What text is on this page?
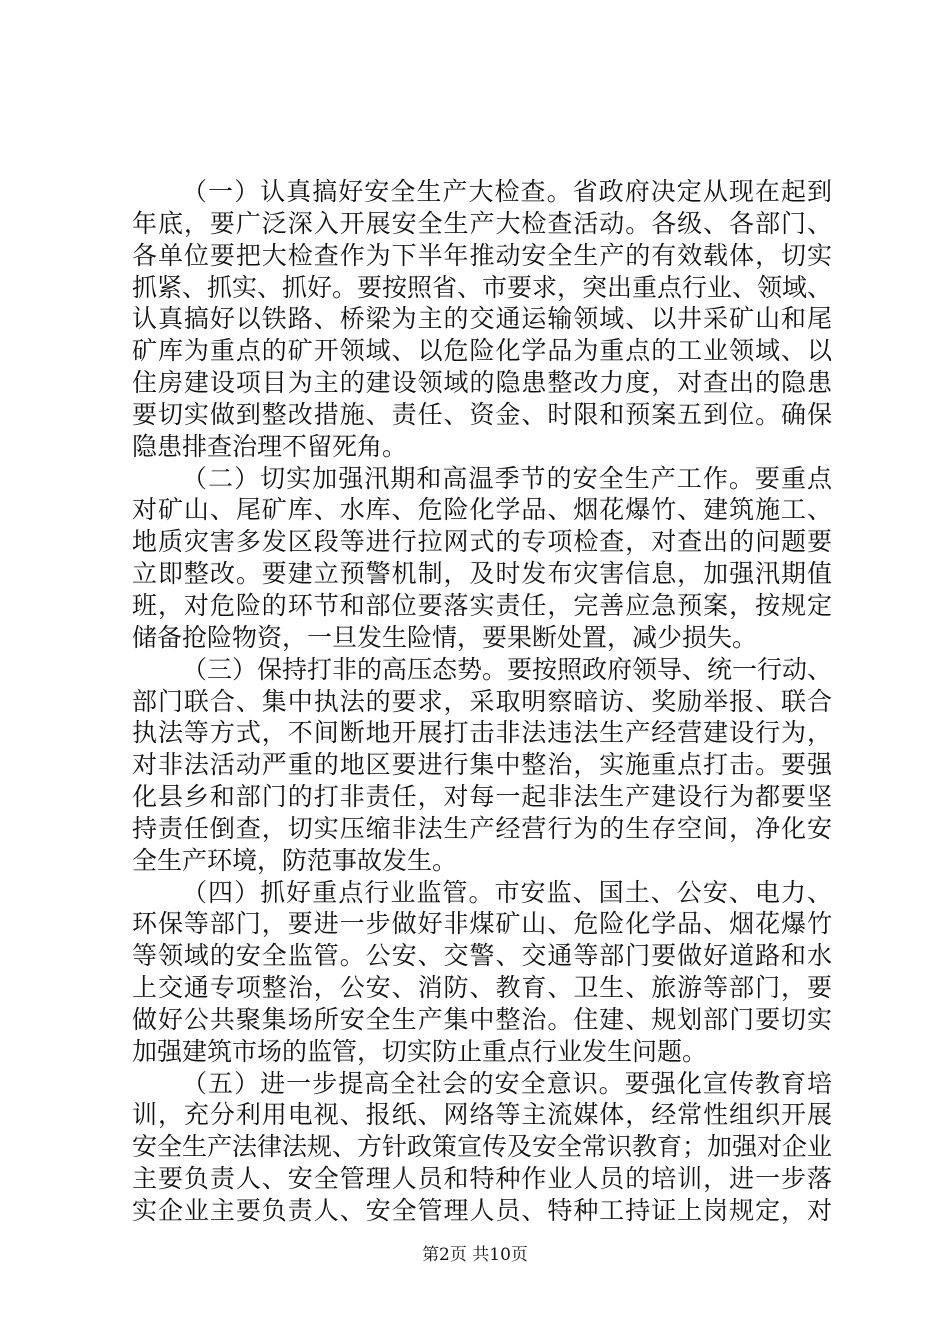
（一）认真搞好安全生产大检查。省政府决定从现在起到
年底，要广泛深入开展安全生产大检查活动。各级、各部门、
各单位要把大检查作为下半年推动安全生产的有效载体，切实
抓紧、抓实、抓好。要按照省、市要求，突出重点行业、领域、
认真搞好以铁路、桥梁为主的交通运输领域、以井采矿山和尾
矿库为重点的矿开领域、以危险化学品为重点的工业领域、以
住房建设项目为主的建设领域的隐患整改力度，对查出的隐患
要切实做到整改措施、责任、资金、时限和预案五到位。确保
隐患排查治理不留死角。
（二）切实加强汛期和高温季节的安全生产工作。要重点
对矿山、尾矿库、水库、危险化学品、烟花爆竹、建筑施工、
地质灾害多发区段等进行拉网式的专项检查，对查出的问题要
立即整改。要建立预警机制，及时发布灾害信息，加强汛期值
班，对危险的环节和部位要落实责任，完善应急预案，按规定
储备抢险物资，一旦发生险情，要果断处置，减少损失。
（三）保持打非的高压态势。要按照政府领导、统一行动、
部门联合、集中执法的要求，采取明察暗访、奖励举报、联合
执法等方式，不间断地开展打击非法违法生产经营建设行为，
对非法活动严重的地区要进行集中整治，实施重点打击。要强
化县乡和部门的打非责任，对每一起非法生产建设行为都要坚
持责任倒查，切实压缩非法生产经营行为的生存空间，净化安
全生产环境，防范事故发生。
（四）抓好重点行业监管。市安监、国土、公安、电力、
环保等部门，要进一步做好非煤矿山、危险化学品、烟花爆竹
等领域的安全监管。公安、交警、交通等部门要做好道路和水
上交通专项整治，公安、消防、教育、卫生、旅游等部门，要
做好公共聚集场所安全生产集中整治。住建、规划部门要切实
加强建筑市场的监管，切实防止重点行业发生问题。
（五）进一步提高全社会的安全意识。要强化宣传教育培
训，充分利用电视、报纸、网络等主流媒体，经常性组织开展
安全生产法律法规、方针政策宣传及安全常识教育；加强对企业
主要负责人、安全管理人员和特种作业人员的培训，进一步落
实企业主要负责人、安全管理人员、特种工持证上岗规定，对
第2页 共10页
